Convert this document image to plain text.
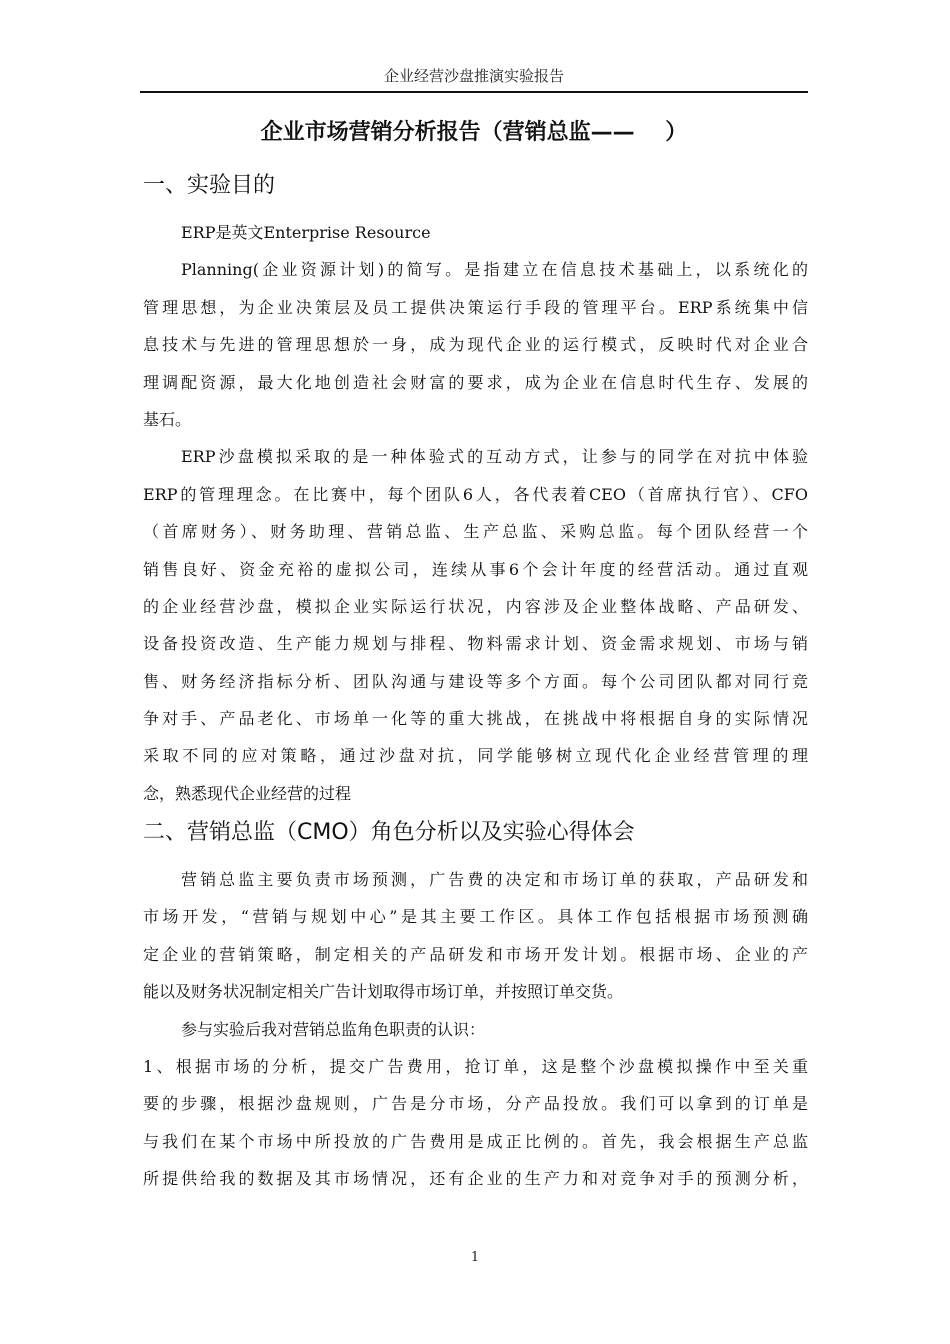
企业经营沙盘推演实验报告
企业市场营销分析报告（营销总监——    ）
一、实验目的
ERP是英文Enterprise Resource
Planning(企业资源计划)的简写。是指建立在信息技术基础上，以系统化的
管理思想，为企业决策层及员工提供决策运行手段的管理平台。ERP系统集中信
息技术与先进的管理思想於一身，成为现代企业的运行模式，反映时代对企业合
理调配资源，最大化地创造社会财富的要求，成为企业在信息时代生存、发展的
基石。
ERP沙盘模拟采取的是一种体验式的互动方式，让参与的同学在对抗中体验
ERP的管理理念。在比赛中，每个团队6人，各代表着CEO（首席执行官）、CFO
（首席财务）、财务助理、营销总监、生产总监、采购总监。每个团队经营一个
销售良好、资金充裕的虚拟公司，连续从事6个会计年度的经营活动。通过直观
的企业经营沙盘，模拟企业实际运行状况，内容涉及企业整体战略、产品研发、
设备投资改造、生产能力规划与排程、物料需求计划、资金需求规划、市场与销
售、财务经济指标分析、团队沟通与建设等多个方面。每个公司团队都对同行竞
争对手、产品老化、市场单一化等的重大挑战，在挑战中将根据自身的实际情况
采取不同的应对策略，通过沙盘对抗，同学能够树立现代化企业经营管理的理
念，熟悉现代企业经营的过程
二、营销总监（CMO）角色分析以及实验心得体会
营销总监主要负责市场预测，广告费的决定和市场订单的获取，产品研发和
市场开发，“营销与规划中心”是其主要工作区。具体工作包括根据市场预测确
定企业的营销策略，制定相关的产品研发和市场开发计划。根据市场、企业的产
能以及财务状况制定相关广告计划取得市场订单，并按照订单交货。
参与实验后我对营销总监角色职责的认识：
1、根据市场的分析，提交广告费用，抢订单，这是整个沙盘模拟操作中至关重
要的步骤，根据沙盘规则，广告是分市场，分产品投放。我们可以拿到的订单是
与我们在某个市场中所投放的广告费用是成正比例的。首先，我会根据生产总监
所提供给我的数据及其市场情况，还有企业的生产力和对竞争对手的预测分析，
1
